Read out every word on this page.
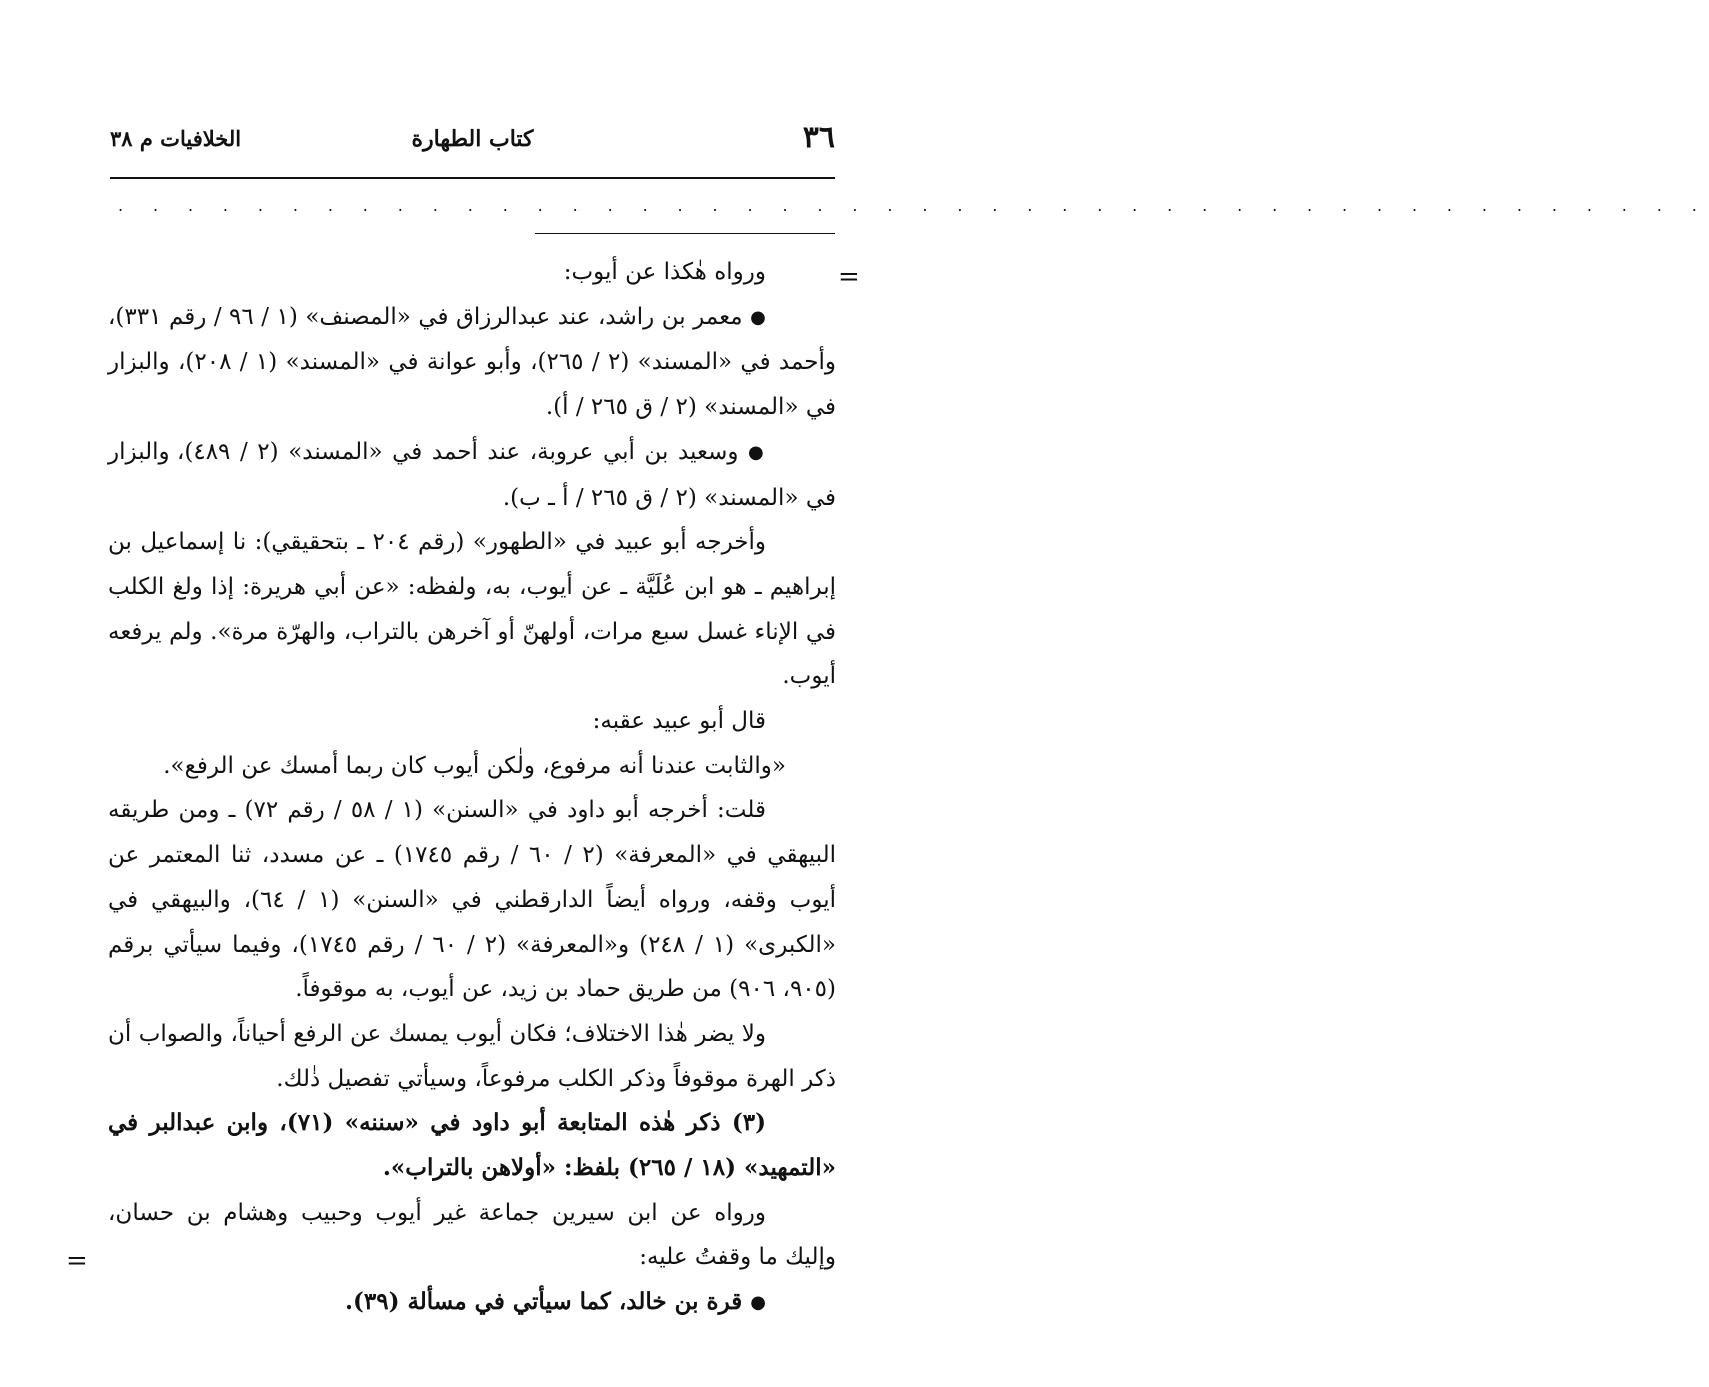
٣٦
كتاب الطهارة
الخلافيات م ٣٨
. . . . . . . . . . . . . . . . . . . . . . . . . . . . . . . . . . . . . . . . . . . . . .
=
=

ورواه هٰكذا عن أيوب:

● معمر بن راشد، عند عبدالرزاق في «المصنف» (١ / ٩٦ / رقم ٣٣١)، وأحمد في «المسند» (٢ / ٢٦٥)، وأبو عوانة في «المسند» (١ / ٢٠٨)، والبزار في «المسند» (٢ / ق ٢٦٥ / أ).

● وسعيد بن أبي عروبة، عند أحمد في «المسند» (٢ / ٤٨٩)، والبزار في «المسند» (٢ / ق ٢٦٥ / أ ـ ب).

وأخرجه أبو عبيد في «الطهور» (رقم ٢٠٤ ـ بتحقيقي): نا إسماعيل بن إبراهيم ـ هو ابن عُلَيَّة ـ عن أيوب، به، ولفظه: «عن أبي هريرة: إذا ولغ الكلب في الإناء غسل سبع مرات، أولهنّ أو آخرهن بالتراب، والهرّة مرة». ولم يرفعه أيوب.

قال أبو عبيد عقبه:

«والثابت عندنا أنه مرفوع، ولٰكن أيوب كان ربما أمسك عن الرفع».

قلت: أخرجه أبو داود في «السنن» (١ / ٥٨ / رقم ٧٢) ـ ومن طريقه البيهقي في «المعرفة» (٢ / ٦٠ / رقم ١٧٤٥) ـ عن مسدد، ثنا المعتمر عن أيوب وقفه، ورواه أيضاً الدارقطني في «السنن» (١ / ٦٤)، والبيهقي في «الكبرى» (١ / ٢٤٨) و«المعرفة» (٢ / ٦٠ / رقم ١٧٤٥)، وفيما سيأتي برقم (٩٠٥، ٩٠٦) من طريق حماد بن زيد، عن أيوب، به موقوفاً.

ولا يضر هٰذا الاختلاف؛ فكان أيوب يمسك عن الرفع أحياناً، والصواب أن ذكر الهرة موقوفاً وذكر الكلب مرفوعاً، وسيأتي تفصيل ذٰلك.

(٣) ذكر هٰذه المتابعة أبو داود في «سننه» (٧١)، وابن عبدالبر في «التمهيد» (١٨ / ٢٦٥) بلفظ: «أولاهن بالتراب».

ورواه عن ابن سيرين جماعة غير أيوب وحبيب وهشام بن حسان، وإليك ما وقفتُ عليه:

● قرة بن خالد، كما سيأتي في مسألة (٣٩).
